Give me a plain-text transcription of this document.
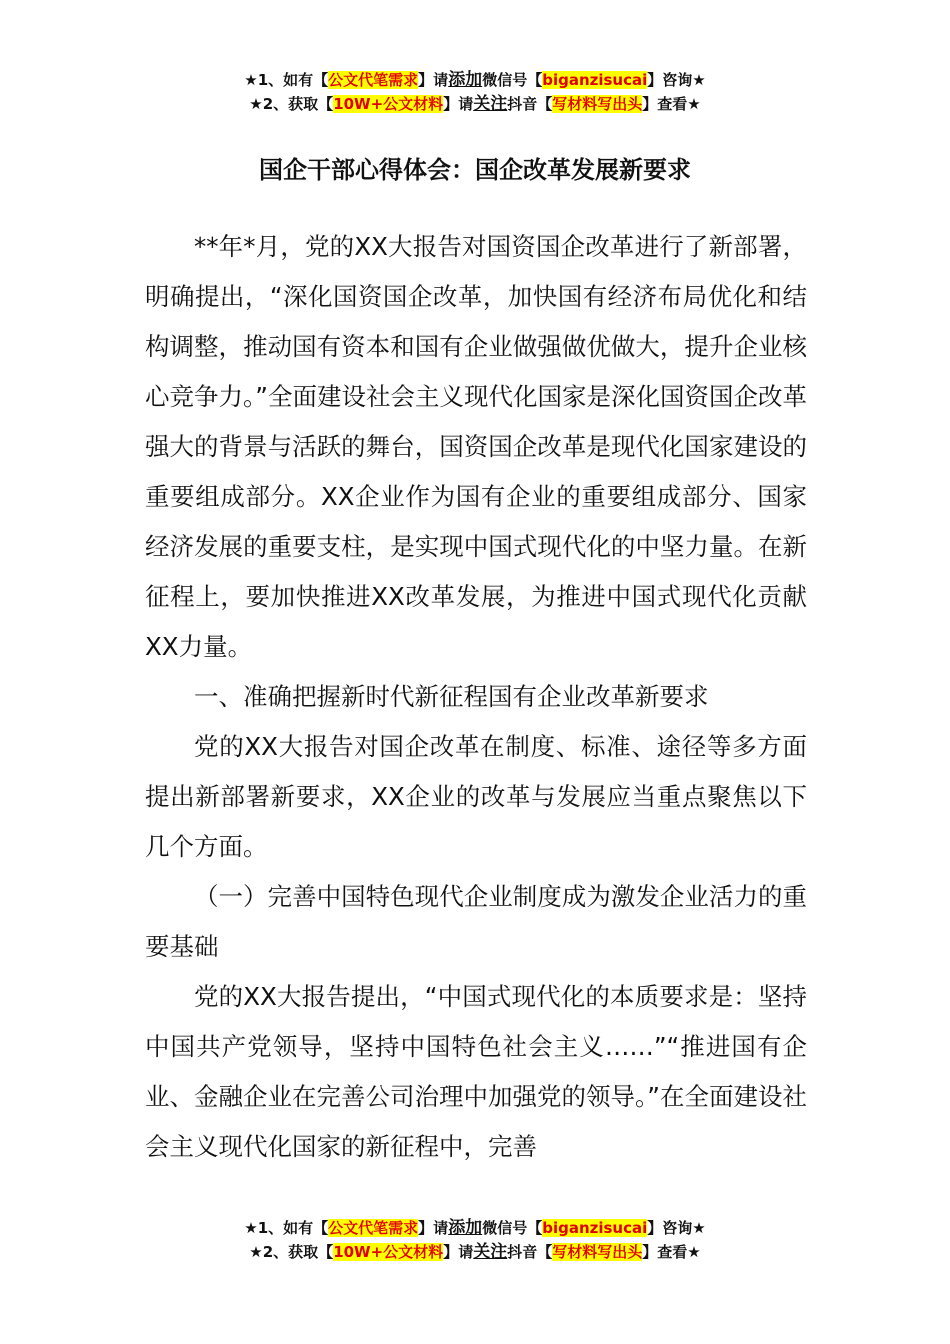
★1、如有【公文代笔需求】请添加微信号【biganzisucai】咨询★
★2、获取【10W+公文材料】请关注抖音【写材料写出头】查看★
国企干部心得体会：国企改革发展新要求

**年*月，党的XX大报告对国资国企改革进行了新部署，明确提出，“深化国资国企改革，加快国有经济布局优化和结构调整，推动国有资本和国有企业做强做优做大，提升企业核心竞争力。”全面建设社会主义现代化国家是深化国资国企改革强大的背景与活跃的舞台，国资国企改革是现代化国家建设的重要组成部分。XX企业作为国有企业的重要组成部分、国家经济发展的重要支柱，是实现中国式现代化的中坚力量。在新征程上，要加快推进XX改革发展，为推进中国式现代化贡献XX力量。

一、准确把握新时代新征程国有企业改革新要求

党的XX大报告对国企改革在制度、标准、途径等多方面提出新部署新要求，XX企业的改革与发展应当重点聚焦以下几个方面。

（一）完善中国特色现代企业制度成为激发企业活力的重要基础

党的XX大报告提出，“中国式现代化的本质要求是：坚持中国共产党领导，坚持中国特色社会主义……”“推进国有企业、金融企业在完善公司治理中加强党的领导。”在全面建设社会主义现代化国家的新征程中，完善

★1、如有【公文代笔需求】请添加微信号【biganzisucai】咨询★
★2、获取【10W+公文材料】请关注抖音【写材料写出头】查看★
